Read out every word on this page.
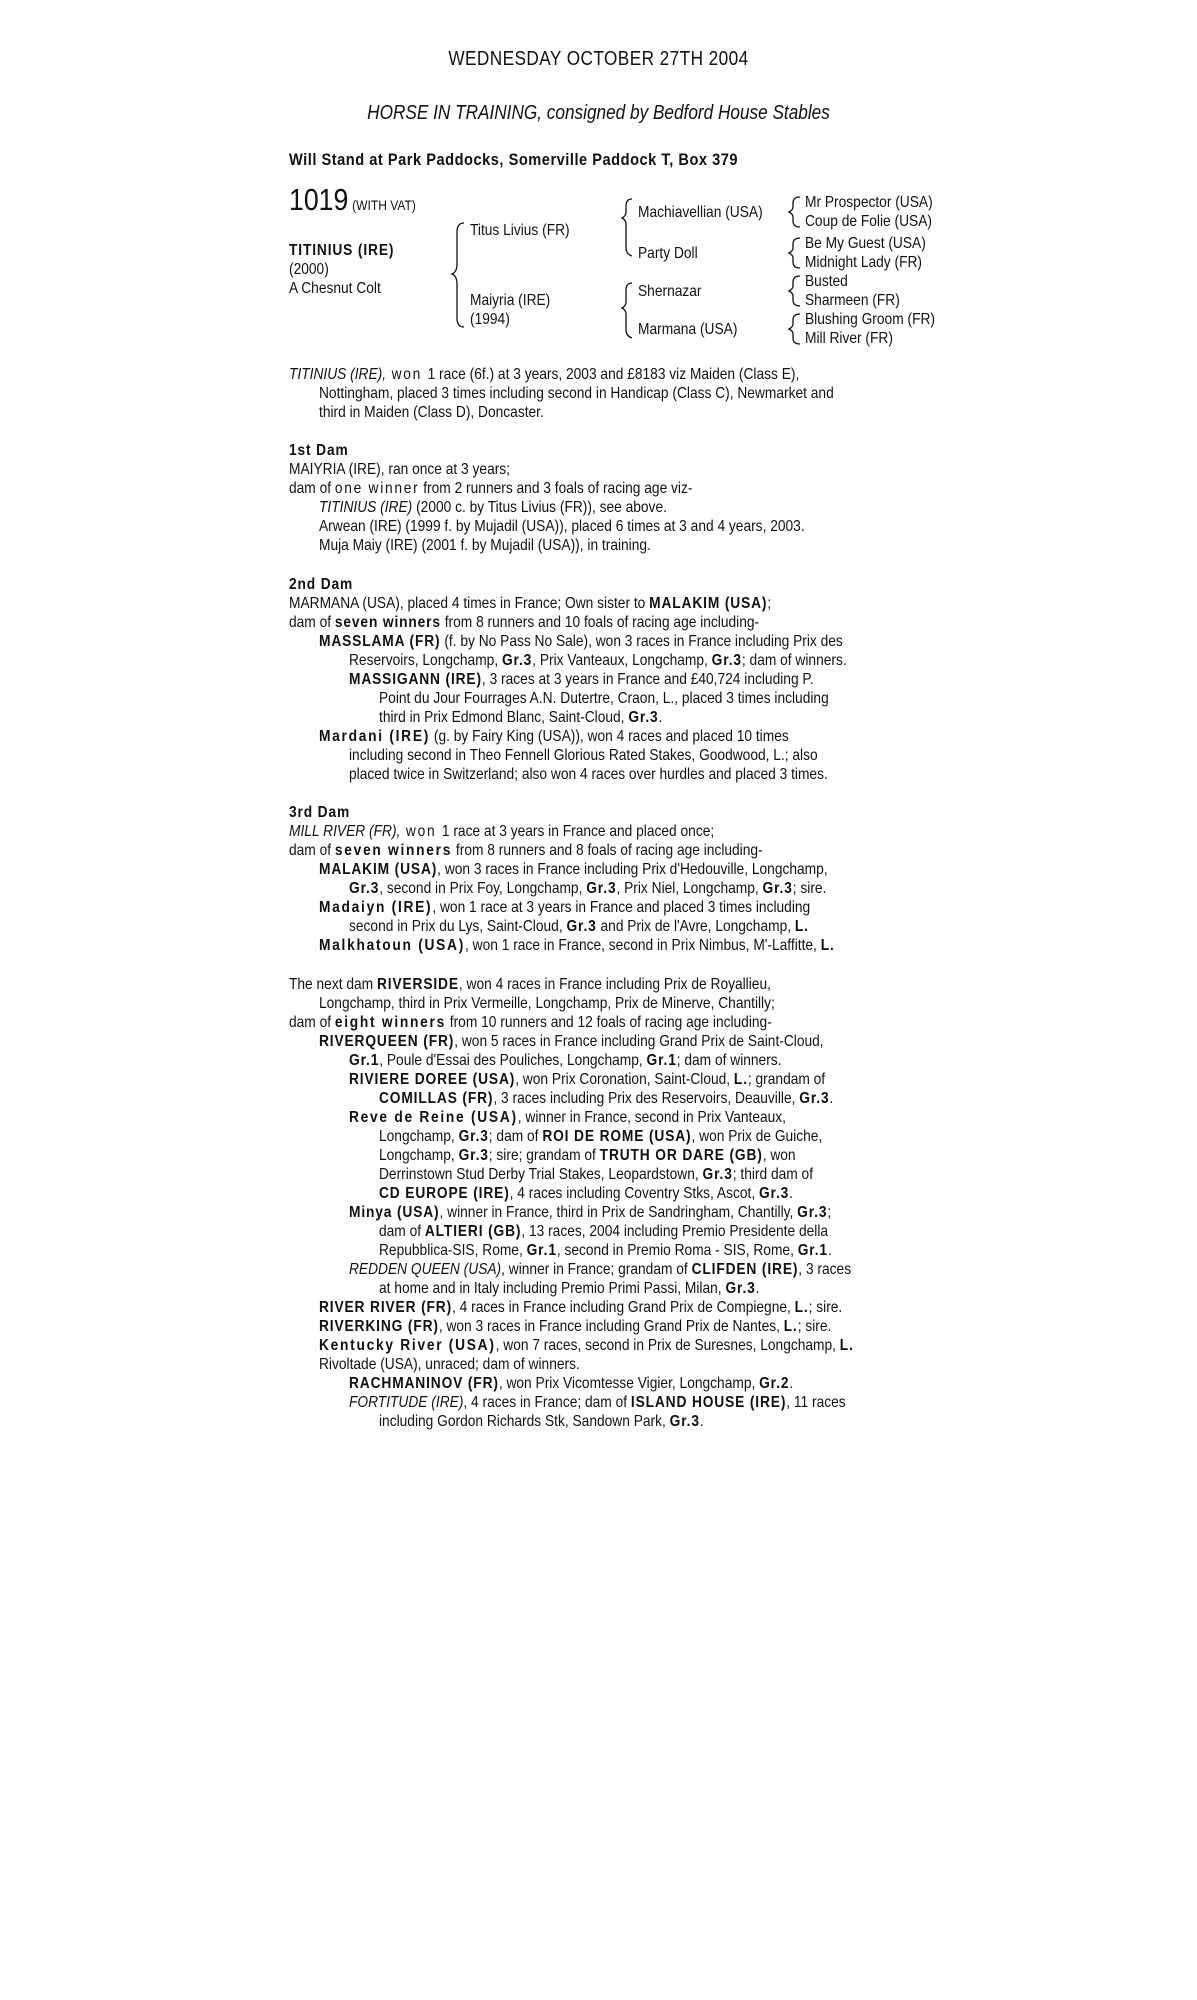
WEDNESDAY OCTOBER 27TH 2004
HORSE IN TRAINING, consigned by Bedford House Stables
Will Stand at Park Paddocks, Somerville Paddock T, Box 379
1019 (WITH VAT)
TITINIUS (IRE)
(2000)
A Chesnut Colt
Titus Livius (FR)
Maiyria (IRE)
(1994)
Machiavellian (USA)
Party Doll
Shernazar
Marmana (USA)
Mr Prospector (USA)
Coup de Folie (USA)
Be My Guest (USA)
Midnight Lady (FR)
Busted
Sharmeen (FR)
Blushing Groom (FR)
Mill River (FR)
TITINIUS (IRE), won 1 race (6f.) at 3 years, 2003 and £8183 viz Maiden (Class E),
Nottingham, placed 3 times including second in Handicap (Class C), Newmarket and
third in Maiden (Class D), Doncaster.
1st Dam
MAIYRIA (IRE), ran once at 3 years;
dam of one winner from 2 runners and 3 foals of racing age viz-
TITINIUS (IRE) (2000 c. by Titus Livius (FR)), see above.
Arwean (IRE) (1999 f. by Mujadil (USA)), placed 6 times at 3 and 4 years, 2003.
Muja Maiy (IRE) (2001 f. by Mujadil (USA)), in training.
2nd Dam
MARMANA (USA), placed 4 times in France; Own sister to MALAKIM (USA);
dam of seven winners from 8 runners and 10 foals of racing age including-
MASSLAMA (FR) (f. by No Pass No Sale), won 3 races in France including Prix des
Reservoirs, Longchamp, Gr.3, Prix Vanteaux, Longchamp, Gr.3; dam of winners.
MASSIGANN (IRE), 3 races at 3 years in France and £40,724 including P.
Point du Jour Fourrages A.N. Dutertre, Craon, L., placed 3 times including
third in Prix Edmond Blanc, Saint-Cloud, Gr.3.
Mardani (IRE) (g. by Fairy King (USA)), won 4 races and placed 10 times
including second in Theo Fennell Glorious Rated Stakes, Goodwood, L.; also
placed twice in Switzerland; also won 4 races over hurdles and placed 3 times.
3rd Dam
MILL RIVER (FR), won 1 race at 3 years in France and placed once;
dam of seven winners from 8 runners and 8 foals of racing age including-
MALAKIM (USA), won 3 races in France including Prix d'Hedouville, Longchamp,
Gr.3, second in Prix Foy, Longchamp, Gr.3, Prix Niel, Longchamp, Gr.3; sire.
Madaiyn (IRE), won 1 race at 3 years in France and placed 3 times including
second in Prix du Lys, Saint-Cloud, Gr.3 and Prix de l'Avre, Longchamp, L.
Malkhatoun (USA), won 1 race in France, second in Prix Nimbus, M'-Laffitte, L.
The next dam RIVERSIDE, won 4 races in France including Prix de Royallieu,
Longchamp, third in Prix Vermeille, Longchamp, Prix de Minerve, Chantilly;
dam of eight winners from 10 runners and 12 foals of racing age including-
RIVERQUEEN (FR), won 5 races in France including Grand Prix de Saint-Cloud,
Gr.1, Poule d'Essai des Pouliches, Longchamp, Gr.1; dam of winners.
RIVIERE DOREE (USA), won Prix Coronation, Saint-Cloud, L.; grandam of
COMILLAS (FR), 3 races including Prix des Reservoirs, Deauville, Gr.3.
Reve de Reine (USA), winner in France, second in Prix Vanteaux,
Longchamp, Gr.3; dam of ROI DE ROME (USA), won Prix de Guiche,
Longchamp, Gr.3; sire; grandam of TRUTH OR DARE (GB), won
Derrinstown Stud Derby Trial Stakes, Leopardstown, Gr.3; third dam of
CD EUROPE (IRE), 4 races including Coventry Stks, Ascot, Gr.3.
Minya (USA), winner in France, third in Prix de Sandringham, Chantilly, Gr.3;
dam of ALTIERI (GB), 13 races, 2004 including Premio Presidente della
Repubblica-SIS, Rome, Gr.1, second in Premio Roma - SIS, Rome, Gr.1.
REDDEN QUEEN (USA), winner in France; grandam of CLIFDEN (IRE), 3 races
at home and in Italy including Premio Primi Passi, Milan, Gr.3.
RIVER RIVER (FR), 4 races in France including Grand Prix de Compiegne, L.; sire.
RIVERKING (FR), won 3 races in France including Grand Prix de Nantes, L.; sire.
Kentucky River (USA), won 7 races, second in Prix de Suresnes, Longchamp, L.
Rivoltade (USA), unraced; dam of winners.
RACHMANINOV (FR), won Prix Vicomtesse Vigier, Longchamp, Gr.2.
FORTITUDE (IRE), 4 races in France; dam of ISLAND HOUSE (IRE), 11 races
including Gordon Richards Stk, Sandown Park, Gr.3.
